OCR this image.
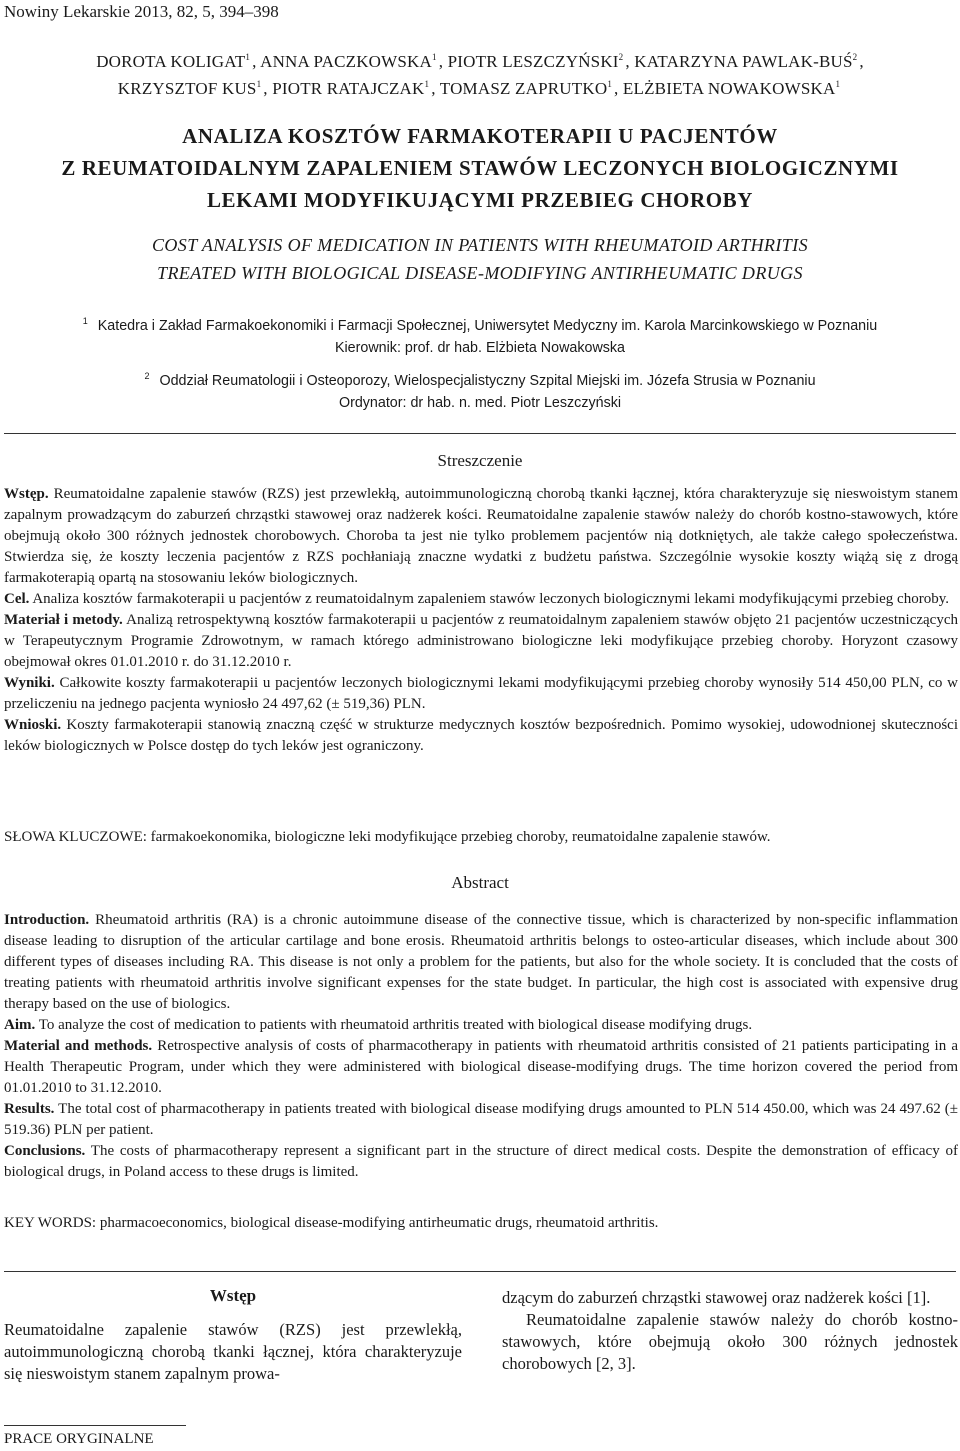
Nowiny Lekarskie 2013, 82, 5, 394–398
DOROTA KOLIGAT$^1$ , ANNA PACZKOWSKA$^1$ , PIOTR LESZCZYŃSKI$^2$ , KATARZYNA PAWLAK-BUŚ$^2$ ,
KRZYSZTOF KUS$^1$ , PIOTR RATAJCZAK$^1$ , TOMASZ ZAPRUTKO$^1$ , ELŻBIETA NOWAKOWSKA$^1$
ANALIZA KOSZTÓW FARMAKOTERAPII U PACJENTÓW
Z REUMATOIDALNYM ZAPALENIEM STAWÓW LECZONYCH BIOLOGICZNYMI
LEKAMI MODYFIKUJĄCYMI PRZEBIEG CHOROBY
COST ANALYSIS OF MEDICATION IN PATIENTS WITH RHEUMATOID ARTHRITIS
TREATED WITH BIOLOGICAL DISEASE-MODIFYING ANTIRHEUMATIC DRUGS
$^1$ Katedra i Zakład Farmakoekonomiki i Farmacji Społecznej, Uniwersytet Medyczny im. Karola Marcinkowskiego w Poznaniu
Kierownik: prof. dr hab. Elżbieta Nowakowska
$^2$ Oddział Reumatologii i Osteoporozy, Wielospecjalistyczny Szpital Miejski im. Józefa Strusia w Poznaniu
Ordynator: dr hab. n. med. Piotr Leszczyński
Streszczenie
Wstęp. Reumatoidalne zapalenie stawów (RZS) jest przewlekłą, autoimmunologiczną chorobą tkanki łącznej, która charakteryzuje się nieswoistym stanem zapalnym prowadzącym do zaburzeń chrząstki stawowej oraz nadżerek kości. Reumatoidalne zapalenie stawów należy do chorób kostno-stawowych, które obejmują około 300 różnych jednostek chorobowych. Choroba ta jest nie tylko problemem pacjentów nią dotkniętych, ale także całego społeczeństwa. Stwierdza się, że koszty leczenia pacjentów z RZS pochłaniają znaczne wydatki z budżetu państwa. Szczególnie wysokie koszty wiążą się z drogą farmakoterapią opartą na stosowaniu leków biologicznych.
Cel. Analiza kosztów farmakoterapii u pacjentów z reumatoidalnym zapaleniem stawów leczonych biologicznymi lekami modyfikującymi przebieg choroby.
Materiał i metody. Analizą retrospektywną kosztów farmakoterapii u pacjentów z reumatoidalnym zapaleniem stawów objęto 21 pacjentów uczestniczących w Terapeutycznym Programie Zdrowotnym, w ramach którego administrowano biologiczne leki modyfikujące przebieg choroby. Horyzont czasowy obejmował okres 01.01.2010 r. do 31.12.2010 r.
Wyniki. Całkowite koszty farmakoterapii u pacjentów leczonych biologicznymi lekami modyfikującymi przebieg choroby wynosiły 514 450,00 PLN, co w przeliczeniu na jednego pacjenta wyniosło 24 497,62 (± 519,36) PLN.
Wnioski. Koszty farmakoterapii stanowią znaczną część w strukturze medycznych kosztów bezpośrednich. Pomimo wysokiej, udowodnionej skuteczności leków biologicznych w Polsce dostęp do tych leków jest ograniczony.
SŁOWA KLUCZOWE: farmakoekonomika, biologiczne leki modyfikujące przebieg choroby, reumatoidalne zapalenie stawów.
Abstract
Introduction. Rheumatoid arthritis (RA) is a chronic autoimmune disease of the connective tissue, which is characterized by non-specific inflammation disease leading to disruption of the articular cartilage and bone erosis. Rheumatoid arthritis belongs to osteo-articular diseases, which include about 300 different types of diseases including RA. This disease is not only a problem for the patients, but also for the whole society. It is concluded that the costs of treating patients with rheumatoid arthritis involve significant expenses for the state budget. In particular, the high cost is associated with expensive drug therapy based on the use of biologics.
Aim. To analyze the cost of medication to patients with rheumatoid arthritis treated with biological disease modifying drugs.
Material and methods. Retrospective analysis of costs of pharmacotherapy in patients with rheumatoid arthritis consisted of 21 patients participating in a Health Therapeutic Program, under which they were administered with biological disease-modifying drugs. The time horizon covered the period from 01.01.2010 to 31.12.2010.
Results. The total cost of pharmacotherapy in patients treated with biological disease modifying drugs amounted to PLN 514 450.00, which was 24 497.62 (± 519.36) PLN per patient.
Conclusions. The costs of pharmacotherapy represent a significant part in the structure of direct medical costs. Despite the demonstration of efficacy of biological drugs, in Poland access to these drugs is limited.
KEY WORDS: pharmacoeconomics, biological disease-modifying antirheumatic drugs, rheumatoid arthritis.
Wstęp
Reumatoidalne zapalenie stawów (RZS) jest przewlekłą, autoimmunologiczną chorobą tkanki łącznej, która charakteryzuje się nieswoistym stanem zapalnym prowa-
dzącym do zaburzeń chrząstki stawowej oraz nadżerek kości [1].
Reumatoidalne zapalenie stawów należy do chorób kostno-stawowych, które obejmują około 300 różnych jednostek chorobowych [2, 3].
PRACE ORYGINALNE
